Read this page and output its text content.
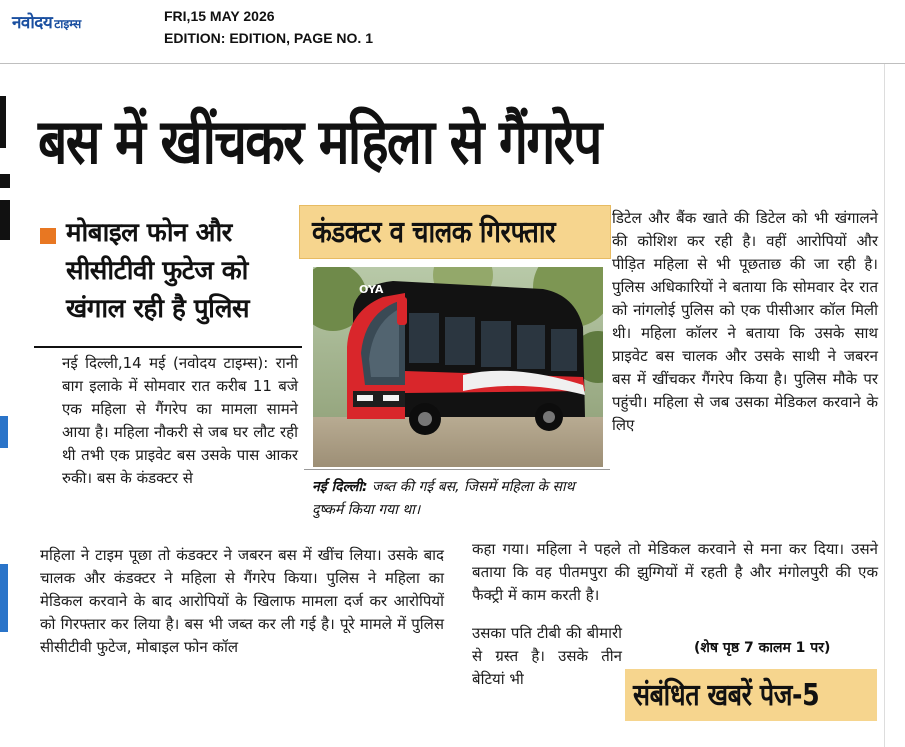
नवोदय टाइम्स	FRI,15 MAY 2026
EDITION: EDITION, PAGE NO. 1
बस में खींचकर महिला से गैंगरेप
मोबाइल फोन और सीसीटीवी फुटेज को खंगाल रही है पुलिस
नई दिल्ली,14 मई (नवोदय टाइम्स): रानी बाग इलाके में सोमवार रात करीब 11 बजे एक महिला से गैंगरेप का मामला सामने आया है। महिला नौकरी से जब घर लौट रही थी तभी एक प्राइवेट बस उसके पास आकर रुकी। बस के कंडक्टर से
महिला ने टाइम पूछा तो कंडक्टर ने जबरन बस में खींच लिया। उसके बाद चालक और कंडक्टर ने महिला से गैंगरेप किया। पुलिस ने महिला का मेडिकल करवाने के बाद आरोपियों के खिलाफ मामला दर्ज कर आरोपियों को गिरफ्तार कर लिया है। बस भी जब्त कर ली गई है। पूरे मामले में पुलिस सीसीटीवी फुटेज, मोबाइल फोन कॉल
कंडक्टर व चालक गिरफ्तार
OYA
नई दिल्ली: जब्त की गई बस, जिसमें महिला के साथ दुष्कर्म किया गया था।
डिटेल और बैंक खाते की डिटेल को भी खंगालने की कोशिश कर रही है। वहीं आरोपियों और पीड़ित महिला से भी पूछताछ की जा रही है। पुलिस अधिकारियों ने बताया कि सोमवार देर रात को नांगलोई पुलिस को एक पीसीआर कॉल मिली थी। महिला कॉलर ने बताया कि उसके साथ प्राइवेट बस चालक और उसके साथी ने जबरन बस में खींचकर गैंगरेप किया है। पुलिस मौके पर पहुंची। महिला से जब उसका मेडिकल करवाने के लिए
कहा गया। महिला ने पहले तो मेडिकल करवाने से मना कर दिया। उसने बताया कि वह पीतमपुरा की झुग्गियों में रहती है और मंगोलपुरी की एक फैक्ट्री में काम करती है।
उसका पति टीबी की बीमारी से ग्रस्त है। उसके तीन बेटियां भी
(शेष पृष्ठ 7 कालम 1 पर)
संबंधित खबरें पेज-5
